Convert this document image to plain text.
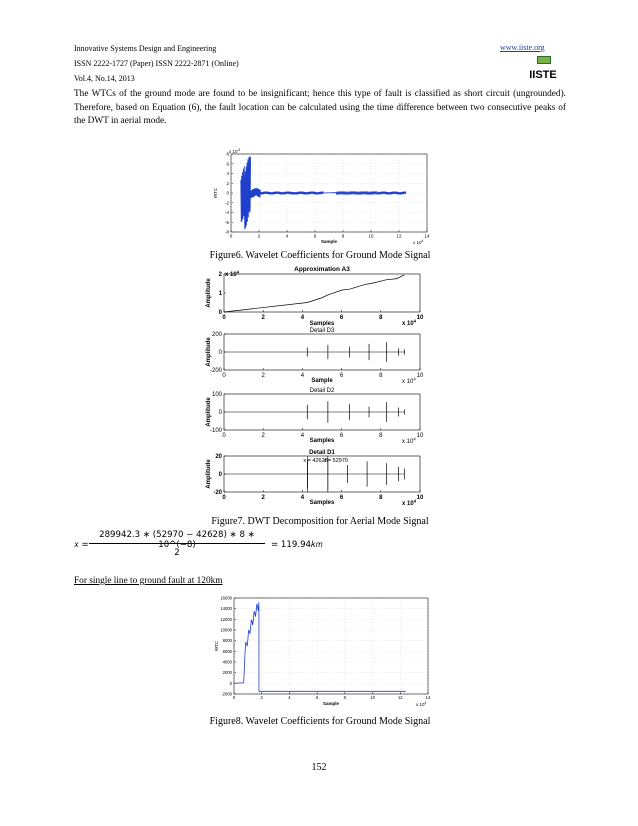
Innovative Systems Design and Engineering
ISSN 2222-1727 (Paper) ISSN 2222-2871 (Online)
Vol.4, No.14, 2013
www.iiste.org
IISTE
The WTCs of the ground mode are found to be insignificant; hence this type of fault is classified as short circuit (ungrounded). Therefore, based on Equation (6), the fault location can be calculated using the time difference between two consecutive peaks of the DWT in aerial mode.
0	2	4	6	8	10	12	14
8
6
4
2
0
-2
-4
-6
-8
x $10^{-5}$
WTC
Sample	x $10^4$
Figure6. Wavelet Coefficients for Ground Mode Signal
0	2	4	6	8	10
2
1
0
Approximation A3
x $10^4$
Amplitude
Samples	x $10^4$
0	2	4	6	8	10
200
0
-200
Detail D3
Amplitude
Sample	x $10^4$
0	2	4	6	8	10
100
0
-100
Detail D2
Amplitude
Samples	x $10^4$
0	2	4	6	8	10
20
0
-20
Detail D1
Amplitude
Samples	x $10^4$
x = 42628
x = 52970
Figure7. DWT Decomposition for Aerial Mode Signal
𝑥 =
289942.3 ∗ (52970 − 42628) ∗ 8 ∗ 10^(−8)
2
= 119.94𝑘𝑚
For single line to ground fault at 120km
0	2	4	6	8	10	12	14
16000
14000
12000
10000
8000
6000
4000
2000
0
-2000
WTC
Sample	x $10^4$
Figure8. Wavelet Coefficients for Ground Mode Signal
152
